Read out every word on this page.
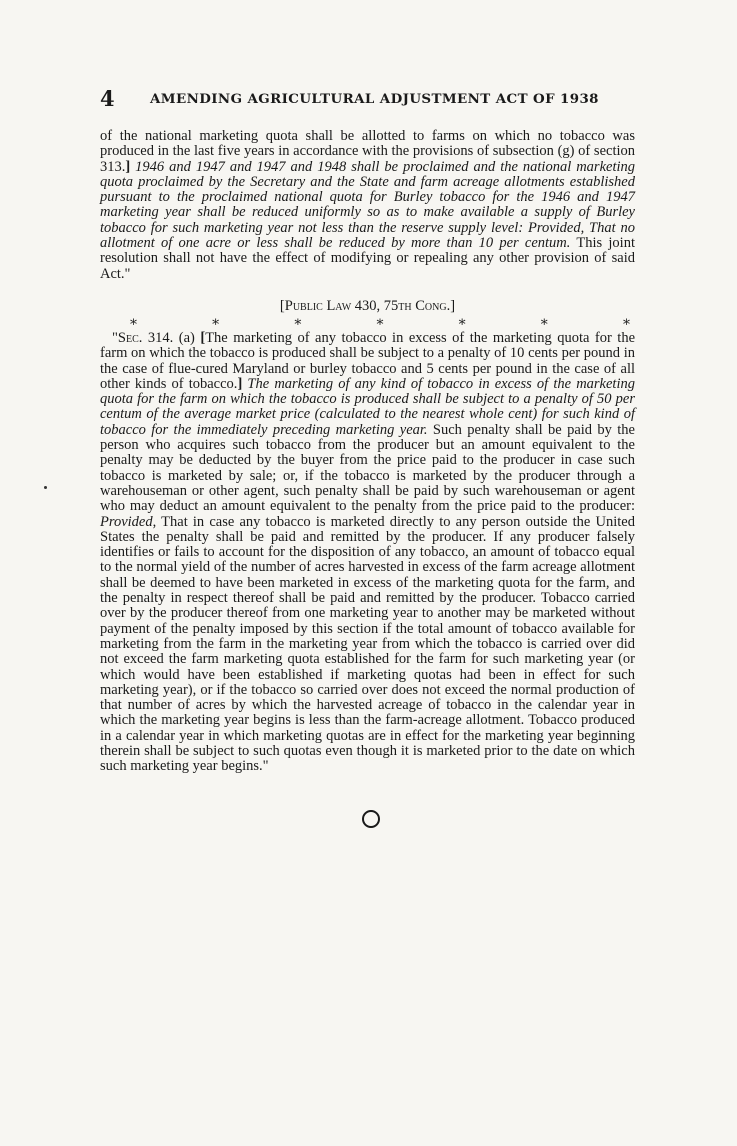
4	AMENDING AGRICULTURAL ADJUSTMENT ACT OF 1938

of the national marketing quota shall be allotted to farms on which no tobacco was produced in the last five years in accordance with the provisions of subsection (g) of section 313.] 1946 and 1947 and 1947 and 1948 shall be proclaimed and the national marketing quota proclaimed by the Secretary and the State and farm acreage allotments established pursuant to the proclaimed national quota for Burley tobacco for the 1946 and 1947 marketing year shall be reduced uniformly so as to make available a supply of Burley tobacco for such marketing year not less than the reserve supply level: Provided, That no allotment of one acre or less shall be reduced by more than 10 per centum. This joint resolution shall not have the effect of modifying or repealing any other provision of said Act."

[Public Law 430, 75th Cong.]
*	*	*	*	*	*	*

"Sec. 314. (a) [The marketing of any tobacco in excess of the marketing quota for the farm on which the tobacco is produced shall be subject to a penalty of 10 cents per pound in the case of flue-cured Maryland or burley tobacco and 5 cents per pound in the case of all other kinds of tobacco.] The marketing of any kind of tobacco in excess of the marketing quota for the farm on which the tobacco is produced shall be subject to a penalty of 50 per centum of the average market price (calculated to the nearest whole cent) for such kind of tobacco for the immediately preceding marketing year. Such penalty shall be paid by the person who acquires such tobacco from the producer but an amount equivalent to the penalty may be deducted by the buyer from the price paid to the producer in case such tobacco is marketed by sale; or, if the tobacco is marketed by the producer through a warehouseman or other agent, such penalty shall be paid by such warehouseman or agent who may deduct an amount equivalent to the penalty from the price paid to the producer: Provided, That in case any tobacco is marketed directly to any person outside the United States the penalty shall be paid and remitted by the producer. If any producer falsely identifies or fails to account for the disposition of any tobacco, an amount of tobacco equal to the normal yield of the number of acres harvested in excess of the farm acreage allotment shall be deemed to have been marketed in excess of the marketing quota for the farm, and the penalty in respect thereof shall be paid and remitted by the producer. Tobacco carried over by the producer thereof from one marketing year to another may be marketed without payment of the penalty imposed by this section if the total amount of tobacco available for marketing from the farm in the marketing year from which the tobacco is carried over did not exceed the farm marketing quota established for the farm for such marketing year (or which would have been established if marketing quotas had been in effect for such marketing year), or if the tobacco so carried over does not exceed the normal production of that number of acres by which the harvested acreage of tobacco in the calendar year in which the marketing year begins is less than the farm-acreage allotment. Tobacco produced in a calendar year in which marketing quotas are in effect for the marketing year beginning therein shall be subject to such quotas even though it is marketed prior to the date on which such marketing year begins."
